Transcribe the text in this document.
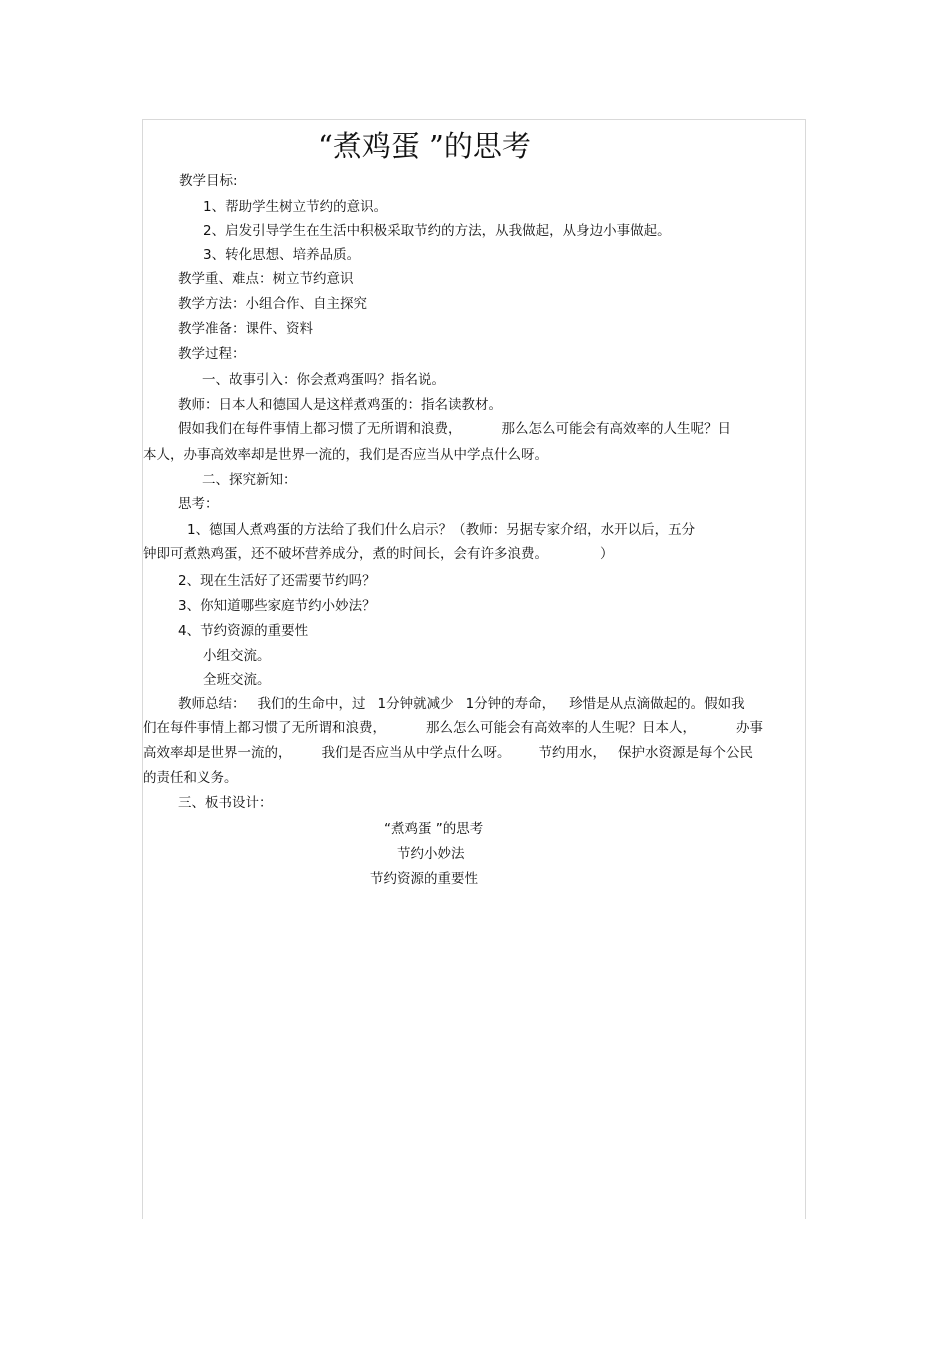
“煮鸡蛋 ”的思考
教学目标:
1、帮助学生树立节约的意识。
2、启发引导学生在生活中积极采取节约的方法，从我做起，从身边小事做起。
3、转化思想、培养品质。
教学重、难点：树立节约意识
教学方法：小组合作、自主探究
教学准备：课件、资料
教学过程：
一、故事引入：你会煮鸡蛋吗？指名说。
教师：日本人和德国人是这样煮鸡蛋的：指名读教材。
假如我们在每件事情上都习惯了无所谓和浪费，	那么怎么可能会有高效率的人生呢？日
本人，办事高效率却是世界一流的，我们是否应当从中学点什么呀。
二、探究新知：
思考：
1、德国人煮鸡蛋的方法给了我们什么启示？（教师：另据专家介绍，水开以后，五分
钟即可煮熟鸡蛋，还不破坏营养成分，煮的时间长，会有许多浪费。	）
2、现在生活好了还需要节约吗？
3、你知道哪些家庭节约小妙法？
4、节约资源的重要性
小组交流。
全班交流。
教师总结： 我们的生命中，过 1分钟就减少 1分钟的寿命， 珍惜是从点滴做起的。假如我
们在每件事情上都习惯了无所谓和浪费，	那么怎么可能会有高效率的人生呢？日本人，	办事
高效率却是世界一流的， 我们是否应当从中学点什么呀。 节约用水， 保护水资源是每个公民
的责任和义务。
三、板书设计：
“煮鸡蛋 ”的思考
节约小妙法
节约资源的重要性
